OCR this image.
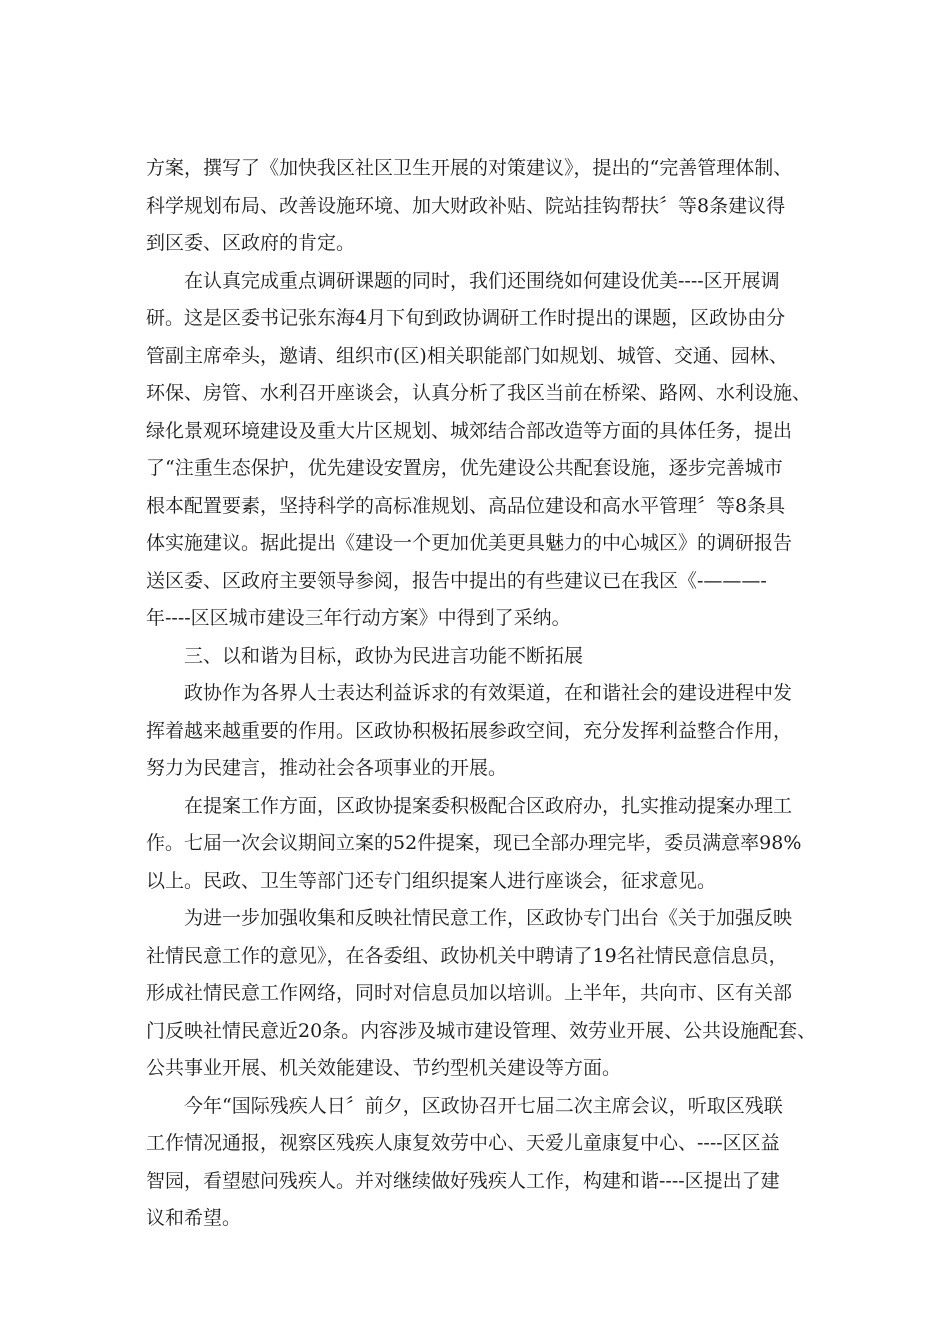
方案，撰写了《加快我区社区卫生开展的对策建议》，提出的“完善管理体制、
科学规划布局、改善设施环境、加大财政补贴、院站挂钩帮扶〞等8条建议得
到区委、区政府的肯定。
在认真完成重点调研课题的同时，我们还围绕如何建设优美----区开展调
研。这是区委书记张东海4月下旬到政协调研工作时提出的课题，区政协由分
管副主席牵头，邀请、组织市(区)相关职能部门如规划、城管、交通、园林、
环保、房管、水利召开座谈会，认真分析了我区当前在桥梁、路网、水利设施、
绿化景观环境建设及重大片区规划、城郊结合部改造等方面的具体任务，提出
了“注重生态保护，优先建设安置房，优先建设公共配套设施，逐步完善城市
根本配置要素，坚持科学的高标准规划、高品位建设和高水平管理〞等8条具
体实施建议。据此提出《建设一个更加优美更具魅力的中心城区》的调研报告
送区委、区政府主要领导参阅，报告中提出的有些建议已在我区《-———-
年----区区城市建设三年行动方案》中得到了采纳。
三、以和谐为目标，政协为民进言功能不断拓展
政协作为各界人士表达利益诉求的有效渠道，在和谐社会的建设进程中发
挥着越来越重要的作用。区政协积极拓展参政空间，充分发挥利益整合作用，
努力为民建言，推动社会各项事业的开展。
在提案工作方面，区政协提案委积极配合区政府办，扎实推动提案办理工
作。七届一次会议期间立案的52件提案，现已全部办理完毕，委员满意率98%
以上。民政、卫生等部门还专门组织提案人进行座谈会，征求意见。
为进一步加强收集和反映社情民意工作，区政协专门出台《关于加强反映
社情民意工作的意见》，在各委组、政协机关中聘请了19名社情民意信息员，
形成社情民意工作网络，同时对信息员加以培训。上半年，共向市、区有关部
门反映社情民意近20条。内容涉及城市建设管理、效劳业开展、公共设施配套、
公共事业开展、机关效能建设、节约型机关建设等方面。
今年“国际残疾人日〞前夕，区政协召开七届二次主席会议，听取区残联
工作情况通报，视察区残疾人康复效劳中心、天爱儿童康复中心、----区区益
智园，看望慰问残疾人。并对继续做好残疾人工作，构建和谐----区提出了建
议和希望。
